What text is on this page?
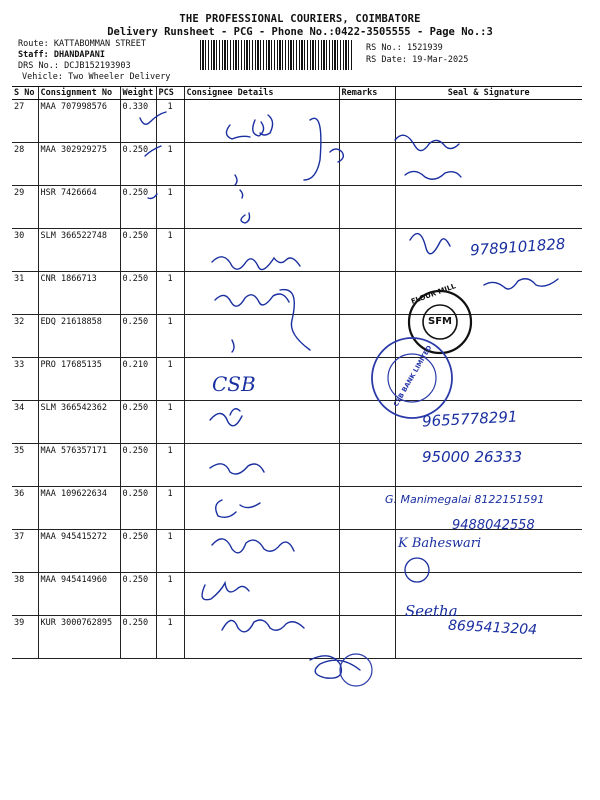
THE PROFESSIONAL COURIERS, COIMBATORE
Delivery Runsheet - PCG - Phone No.:0422-3505555 - Page No.:3
Route: KATTABOMMAN STREET
Staff: DHANDAPANI
DRS No.: DCJB152193903
Vehicle: Two Wheeler Delivery
RS No.: 1521939
RS Date: 19-Mar-2025
S No	Consignment No	Weight	PCS	Consignee Details	Remarks	Seal & Signature
27	MAA 707998576	0.330	1			
28	MAA 302929275	0.250	1			
29	HSR 7426664	0.250	1			
30	SLM 366522748	0.250	1			
31	CNR 1866713	0.250	1			
32	EDQ 21618858	0.250	1			
33	PRO 17685135	0.210	1			
34	SLM 366542362	0.250	1			
35	MAA 576357171	0.250	1			
36	MAA 109622634	0.250	1			
37	MAA 945415272	0.250	1			
38	MAA 945414960	0.250	1			
39	KUR 3000762895	0.250	1			
CSB
9789101828
9655778291
95000 26333
G. Manimegalai 8122151591
9488042558
K Baheswari
Seetha
8695413204
FLOUR MILL
SFM
CSB BANK LIMITED
